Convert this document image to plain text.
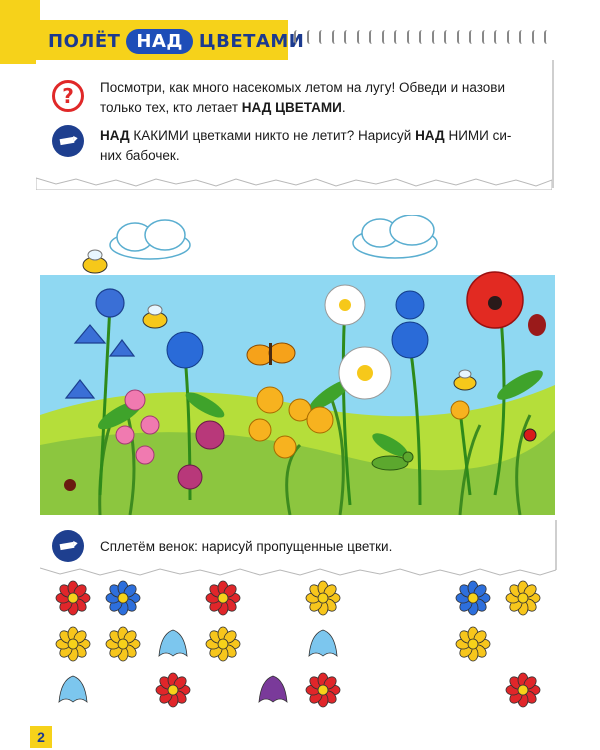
ПОЛЁТ НАД ЦВЕТАМИ
?	Посмотри, как много насекомых летом на лугу! Обведи и назови
только тех, кто летает НАД ЦВЕТАМИ.
НАД КАКИМИ цветками никто не летит? Нарисуй НАД НИМИ си-
них бабочек.
Сплетём венок: нарисуй пропущенные цветки.
2
